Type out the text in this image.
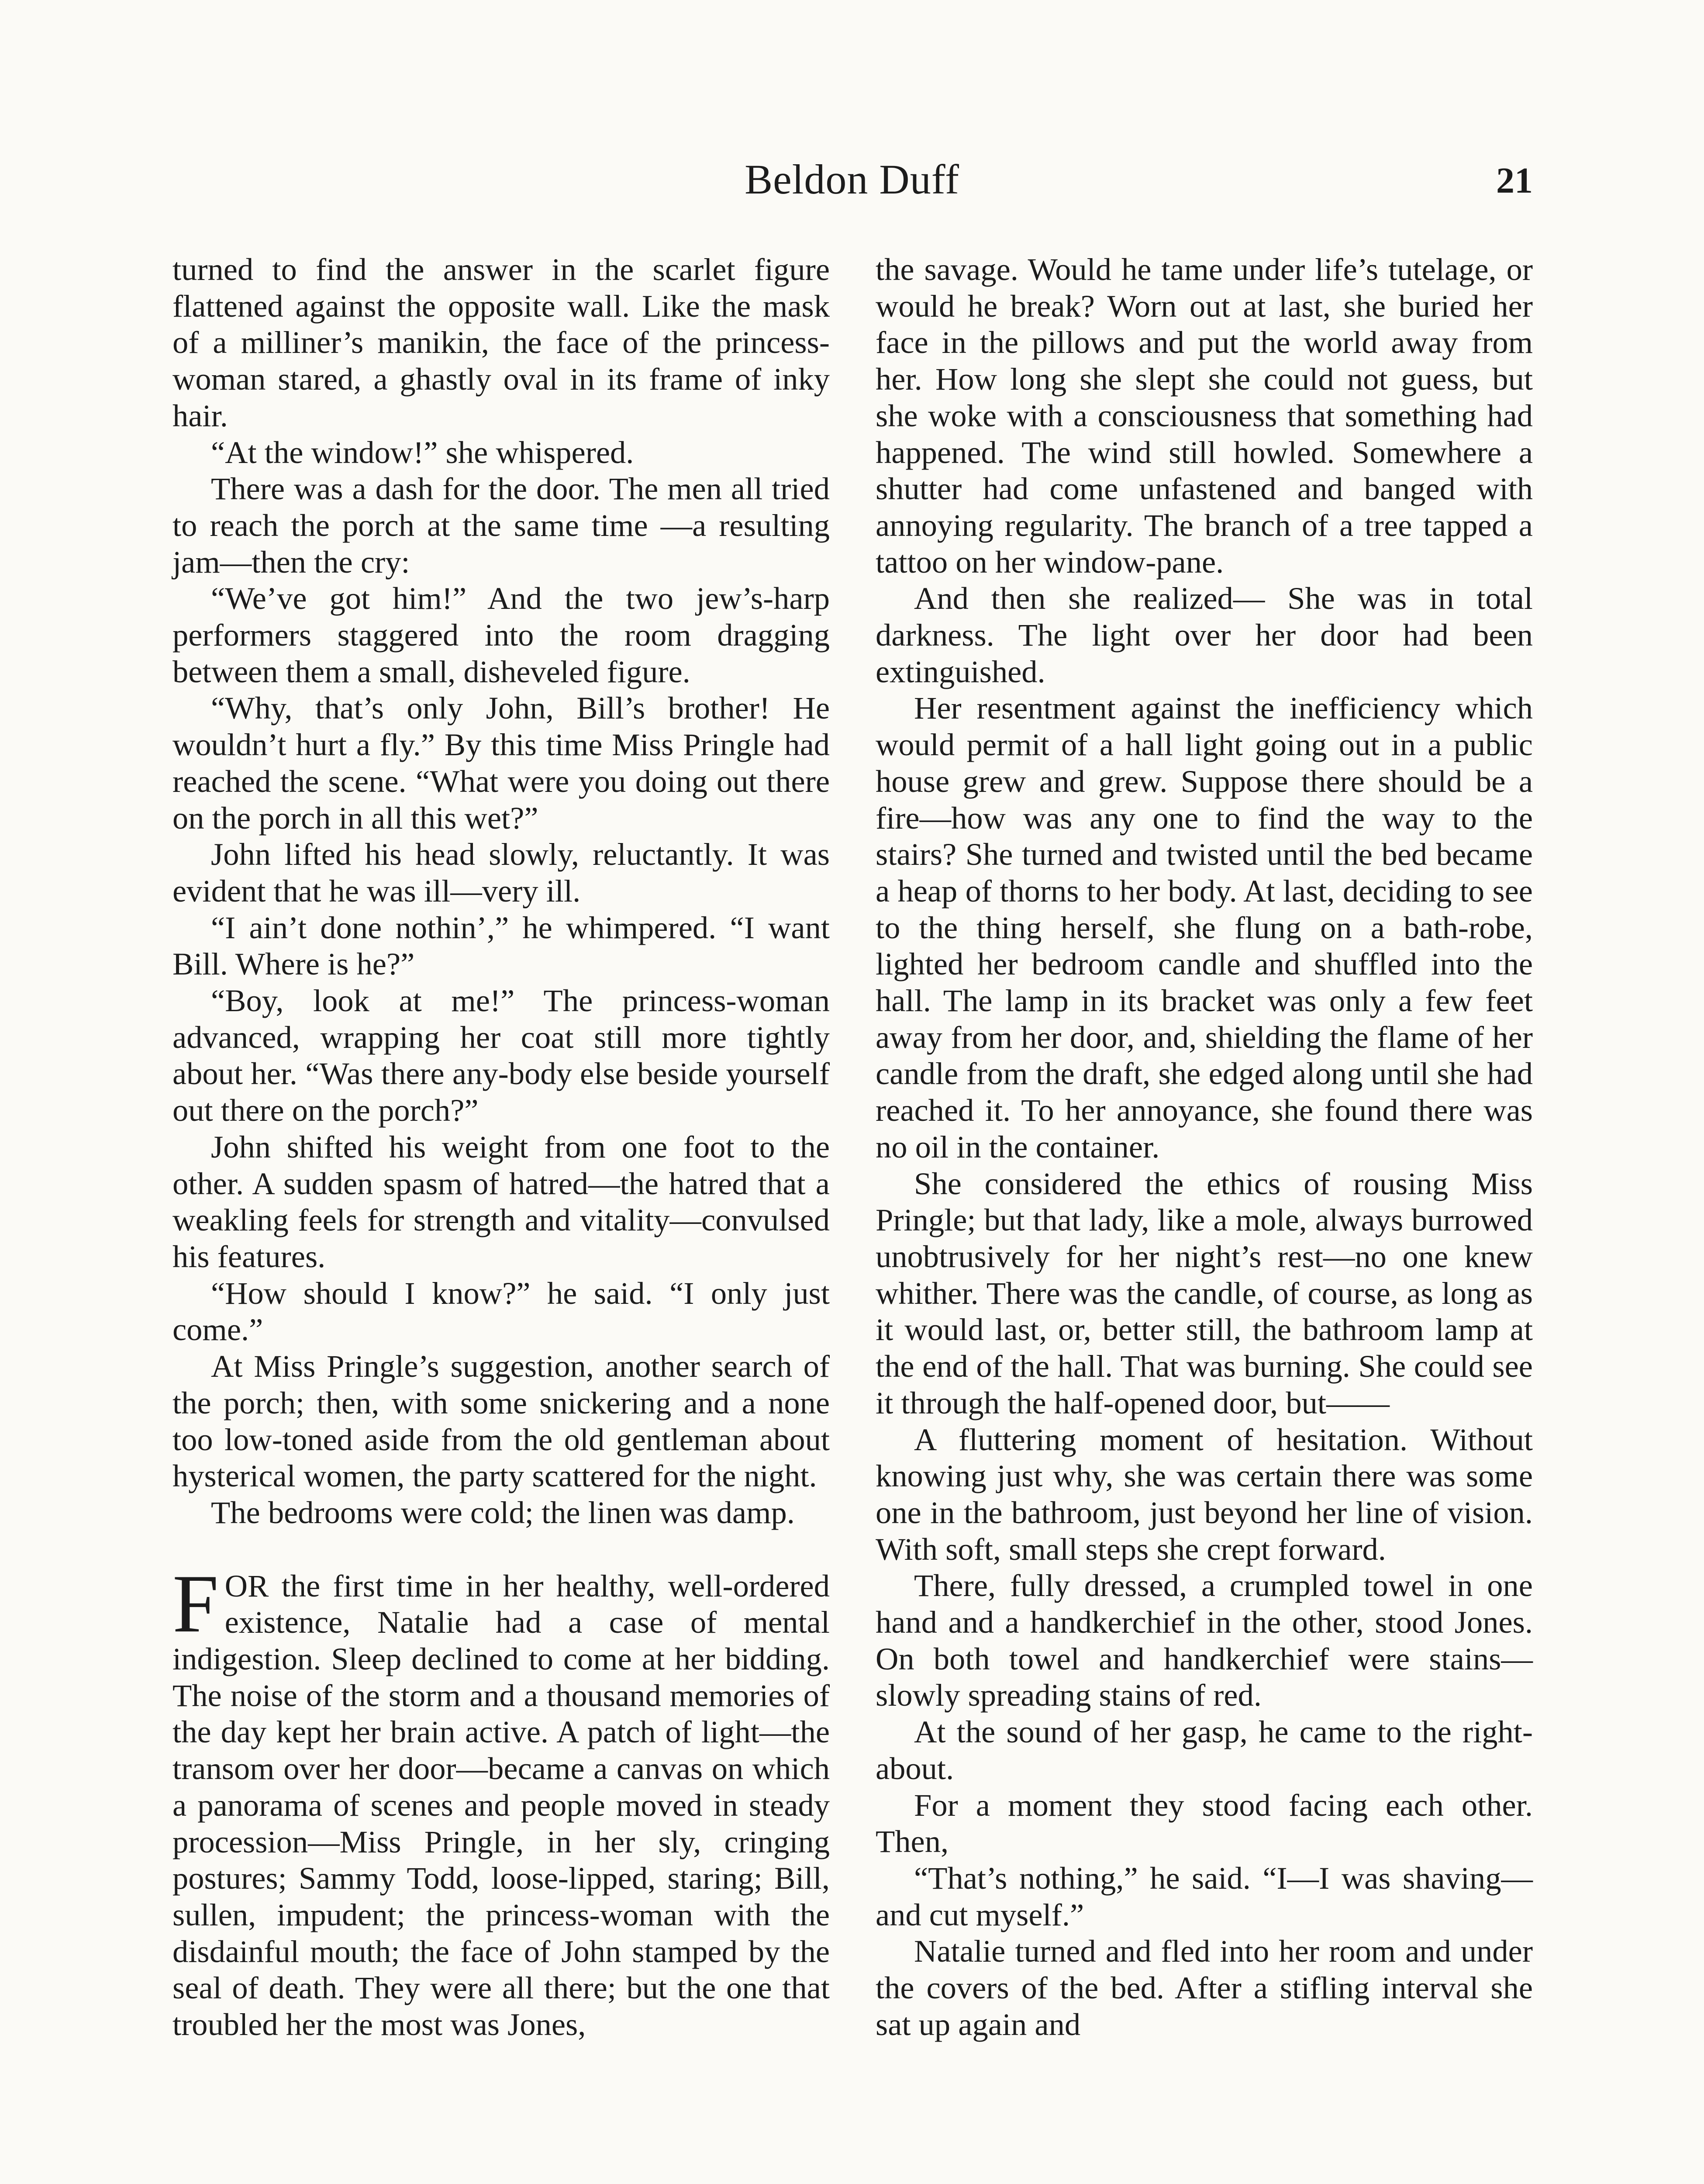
Beldon Duff	21

turned to find the answer in the scarlet figure flattened against the opposite wall. Like the mask of a milliner’s manikin, the face of the princess-woman stared, a ghastly oval in its frame of inky hair.

“At the window!” she whispered.

There was a dash for the door. The men all tried to reach the porch at the same time —a resulting jam—then the cry:

“We’ve got him!” And the two jew’s-harp performers staggered into the room dragging between them a small, disheveled figure.

“Why, that’s only John, Bill’s brother! He wouldn’t hurt a fly.” By this time Miss Pringle had reached the scene. “What were you doing out there on the porch in all this wet?”

John lifted his head slowly, reluctantly. It was evident that he was ill—very ill.

“I ain’t done nothin’,” he whimpered. “I want Bill. Where is he?”

“Boy, look at me!” The princess-woman advanced, wrapping her coat still more tightly about her. “Was there any-body else beside yourself out there on the porch?”

John shifted his weight from one foot to the other. A sudden spasm of hatred—the hatred that a weakling feels for strength and vitality—convulsed his features.

“How should I know?” he said. “I only just come.”

At Miss Pringle’s suggestion, another search of the porch; then, with some snickering and a none too low-toned aside from the old gentleman about hysterical women, the party scattered for the night.

The bedrooms were cold; the linen was damp.

FOR the first time in her healthy, well-ordered existence, Natalie had a case of mental indigestion. Sleep declined to come at her bidding. The noise of the storm and a thousand memories of the day kept her brain active. A patch of light—the transom over her door—became a canvas on which a panorama of scenes and people moved in steady procession—Miss Pringle, in her sly, cringing postures; Sammy Todd, loose-lipped, staring; Bill, sullen, impudent; the princess-woman with the disdainful mouth; the face of John stamped by the seal of death. They were all there; but the one that troubled her the most was Jones,

the savage. Would he tame under life’s tutelage, or would he break? Worn out at last, she buried her face in the pillows and put the world away from her. How long she slept she could not guess, but she woke with a consciousness that something had happened. The wind still howled. Somewhere a shutter had come unfastened and banged with annoying regularity. The branch of a tree tapped a tattoo on her window-pane.

And then she realized— She was in total darkness. The light over her door had been extinguished.

Her resentment against the inefficiency which would permit of a hall light going out in a public house grew and grew. Suppose there should be a fire—how was any one to find the way to the stairs? She turned and twisted until the bed became a heap of thorns to her body. At last, deciding to see to the thing herself, she flung on a bath-robe, lighted her bedroom candle and shuffled into the hall. The lamp in its bracket was only a few feet away from her door, and, shielding the flame of her candle from the draft, she edged along until she had reached it. To her annoyance, she found there was no oil in the container.

She considered the ethics of rousing Miss Pringle; but that lady, like a mole, always burrowed unobtrusively for her night’s rest—no one knew whither. There was the candle, of course, as long as it would last, or, better still, the bathroom lamp at the end of the hall. That was burning. She could see it through the half-opened door, but——

A fluttering moment of hesitation. Without knowing just why, she was certain there was some one in the bathroom, just beyond her line of vision. With soft, small steps she crept forward.

There, fully dressed, a crumpled towel in one hand and a handkerchief in the other, stood Jones. On both towel and handkerchief were stains—slowly spreading stains of red.

At the sound of her gasp, he came to the right-about.

For a moment they stood facing each other. Then,

“That’s nothing,” he said. “I—I was shaving—and cut myself.”

Natalie turned and fled into her room and under the covers of the bed. After a stifling interval she sat up again and
